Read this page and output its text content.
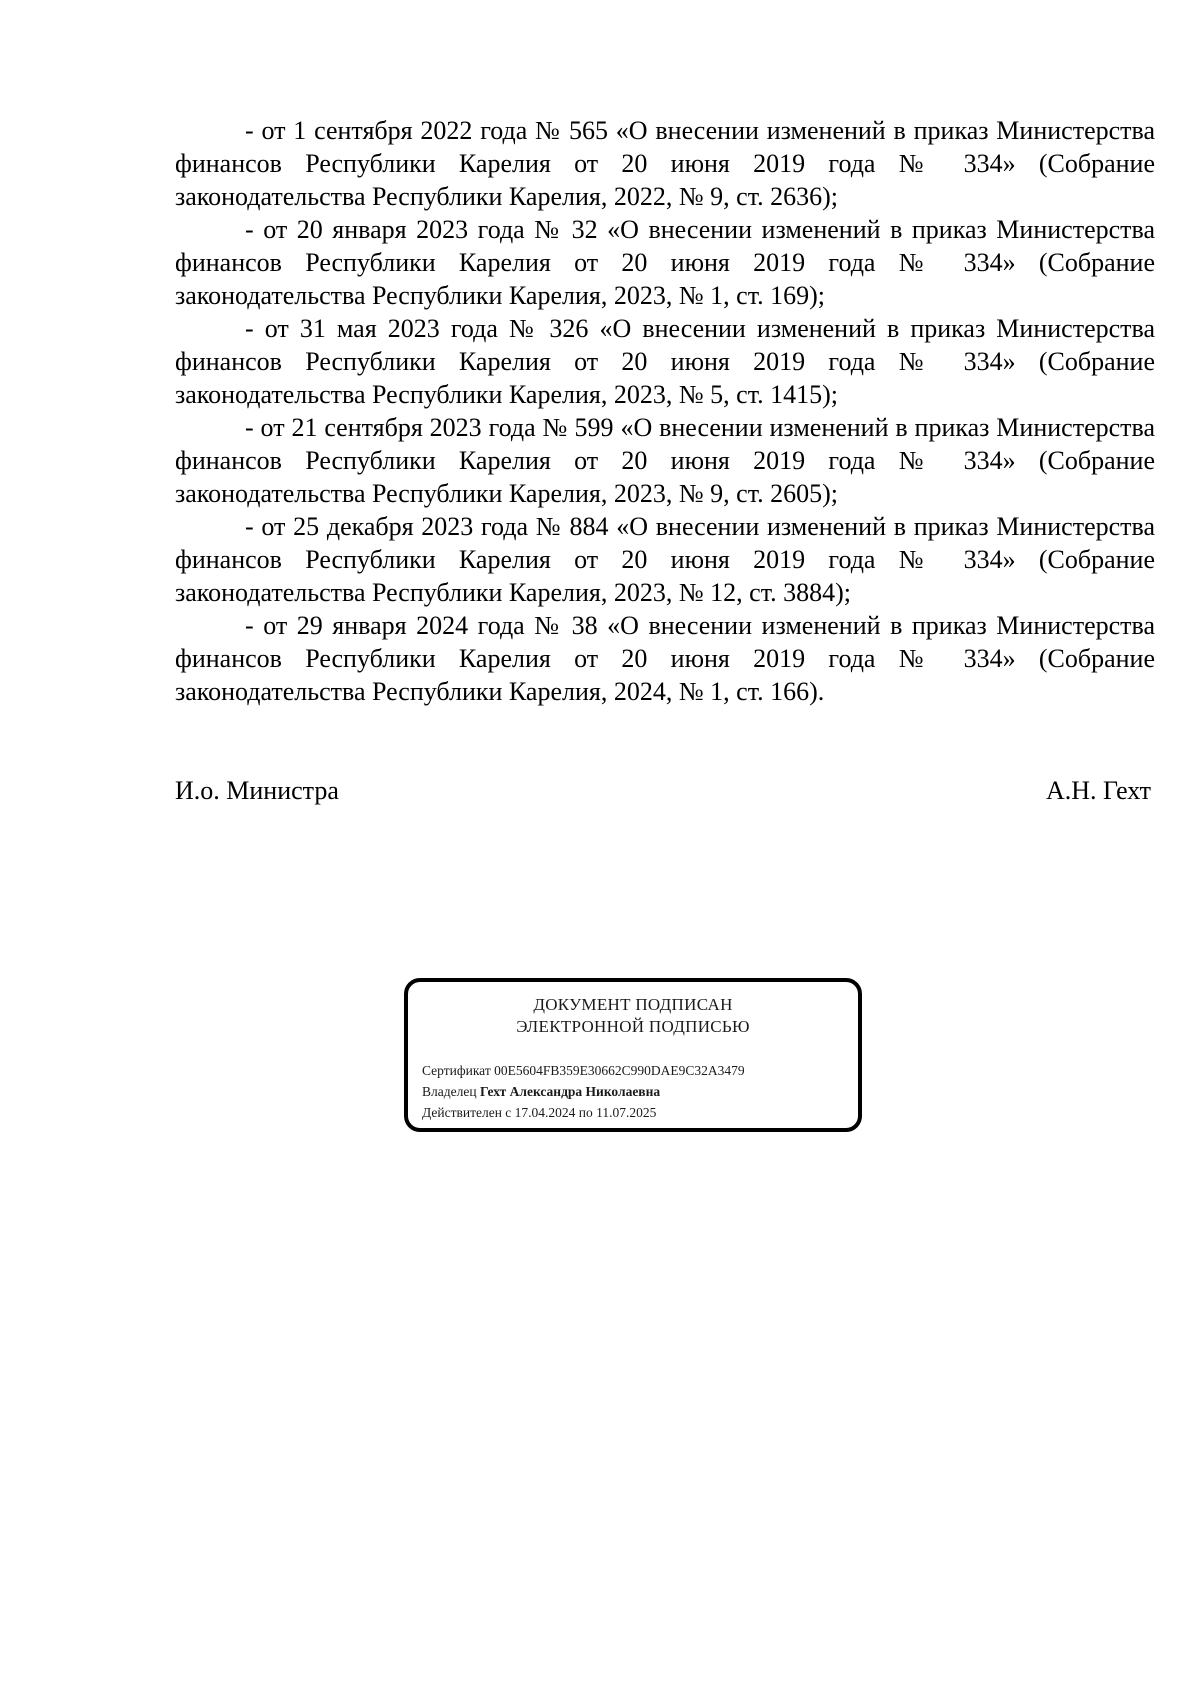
- от 1 сентября 2022 года № 565 «О внесении изменений в приказ Министерства финансов Республики Карелия от 20 июня 2019 года № 334» (Собрание законодательства Республики Карелия, 2022, № 9, ст. 2636);

- от 20 января 2023 года № 32 «О внесении изменений в приказ Министерства финансов Республики Карелия от 20 июня 2019 года № 334» (Собрание законодательства Республики Карелия, 2023, № 1, ст. 169);

- от 31 мая 2023 года № 326 «О внесении изменений в приказ Министерства финансов Республики Карелия от 20 июня 2019 года № 334» (Собрание законодательства Республики Карелия, 2023, № 5, ст. 1415);

- от 21 сентября 2023 года № 599 «О внесении изменений в приказ Министерства финансов Республики Карелия от 20 июня 2019 года № 334» (Собрание законодательства Республики Карелия, 2023, № 9, ст. 2605);

- от 25 декабря 2023 года № 884 «О внесении изменений в приказ Министерства финансов Республики Карелия от 20 июня 2019 года № 334» (Собрание законодательства Республики Карелия, 2023, № 12, ст. 3884);

- от 29 января 2024 года № 38 «О внесении изменений в приказ Министерства финансов Республики Карелия от 20 июня 2019 года № 334» (Собрание законодательства Республики Карелия, 2024, № 1, ст. 166).

И.о. Министра	А.Н. Гехт
ДОКУМЕНТ ПОДПИСАН
ЭЛЕКТРОННОЙ ПОДПИСЬЮ
Сертификат 00E5604FB359E30662C990DAE9C32A3479
Владелец Гехт Александра Николаевна
Действителен с 17.04.2024 по 11.07.2025
